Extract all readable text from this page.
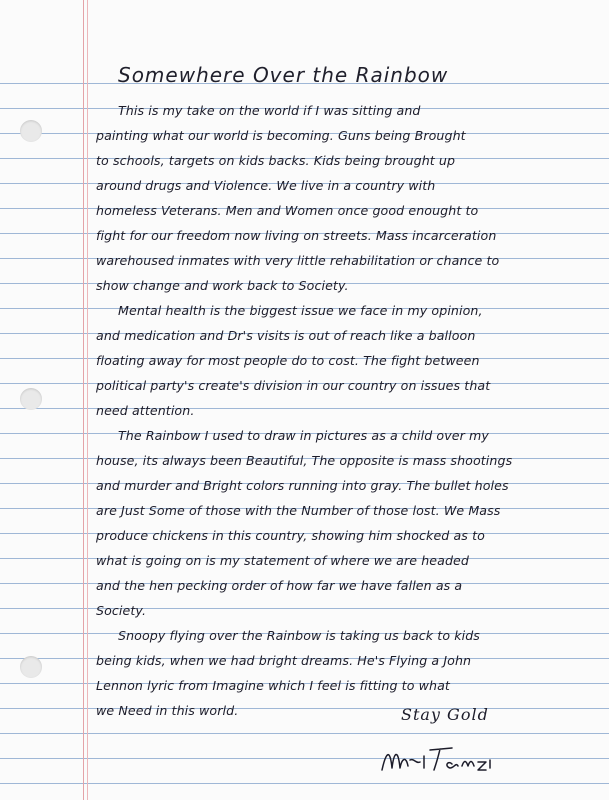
Somewhere Over the Rainbow
This is my take on the world if I was sitting and
painting what our world is becoming. Guns being Brought
to schools, targets on kids backs. Kids being brought up
around drugs and Violence. We live in a country with
homeless Veterans. Men and Women once good enought to
fight for our freedom now living on streets. Mass incarceration
warehoused inmates with very little rehabilitation or chance to
show change and work back to Society.
Mental health is the biggest issue we face in my opinion,
and medication and Dr's visits is out of reach like a balloon
floating away for most people do to cost. The fight between
political party's create's division in our country on issues that
need attention.
The Rainbow I used to draw in pictures as a child over my
house, its always been Beautiful, The opposite is mass shootings
and murder and Bright colors running into gray. The bullet holes
are Just Some of those with the Number of those lost. We Mass
produce chickens in this country, showing him shocked as to
what is going on is my statement of where we are headed
and the hen pecking order of how far we have fallen as a
Society.
Snoopy flying over the Rainbow is taking us back to kids
being kids, when we had bright dreams. He's Flying a John
Lennon lyric from Imagine which I feel is fitting to what
we Need in this world.	Stay Gold
